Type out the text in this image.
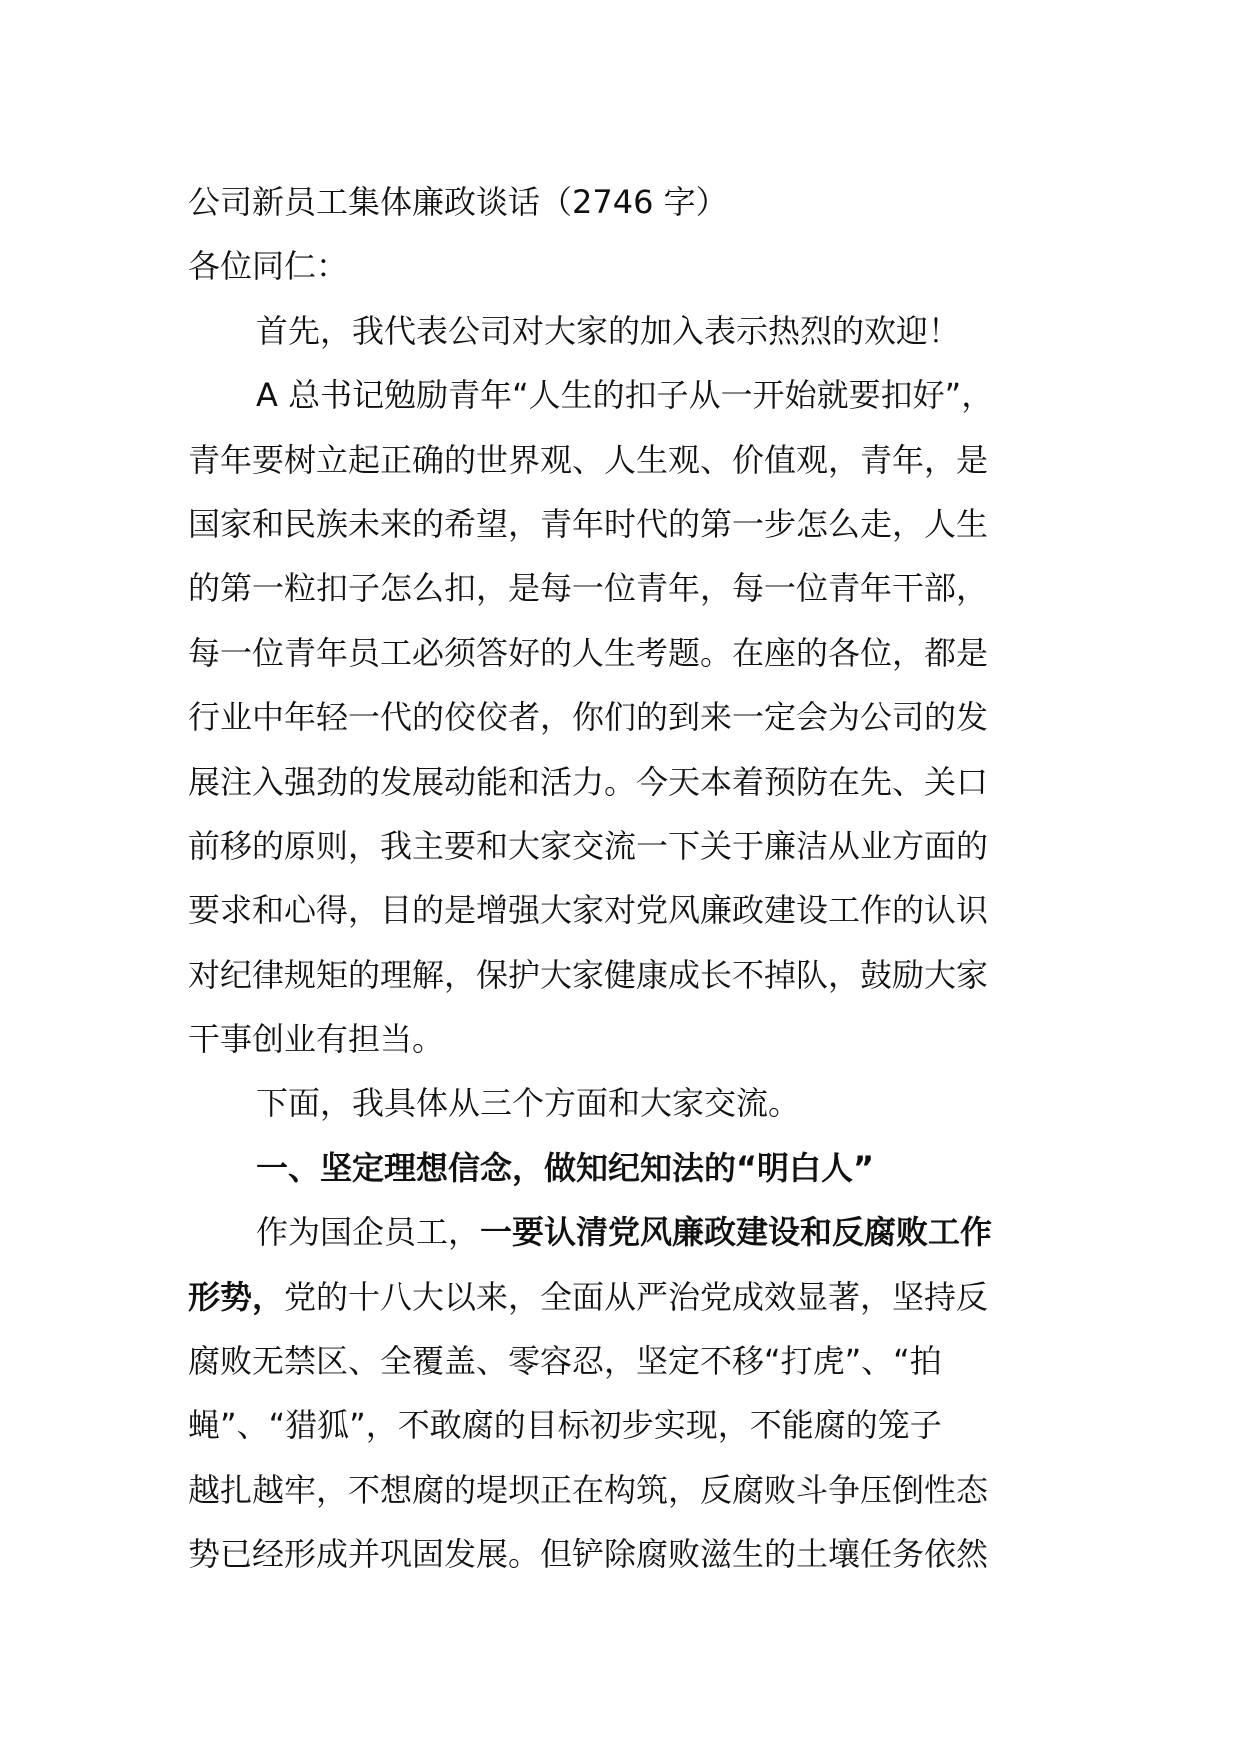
公司新员工集体廉政谈话（2746 字）

各位同仁：

首先，我代表公司对大家的加入表示热烈的欢迎！

A 总书记勉励青年“人生的扣子从一开始就要扣好”，

青年要树立起正确的世界观、人生观、价值观，青年，是

国家和民族未来的希望，青年时代的第一步怎么走，人生

的第一粒扣子怎么扣，是每一位青年，每一位青年干部，

每一位青年员工必须答好的人生考题。在座的各位，都是

行业中年轻一代的佼佼者，你们的到来一定会为公司的发

展注入强劲的发展动能和活力。今天本着预防在先、关口

前移的原则，我主要和大家交流一下关于廉洁从业方面的

要求和心得，目的是增强大家对党风廉政建设工作的认识

对纪律规矩的理解，保护大家健康成长不掉队，鼓励大家

干事创业有担当。

下面，我具体从三个方面和大家交流。

一、坚定理想信念，做知纪知法的“明白人”

作为国企员工，一要认清党风廉政建设和反腐败工作

形势，党的十八大以来，全面从严治党成效显著，坚持反

腐败无禁区、全覆盖、零容忍，坚定不移“打虎”、“拍

蝇”、“猎狐”，不敢腐的目标初步实现，不能腐的笼子

越扎越牢，不想腐的堤坝正在构筑，反腐败斗争压倒性态

势已经形成并巩固发展。但铲除腐败滋生的土壤任务依然
